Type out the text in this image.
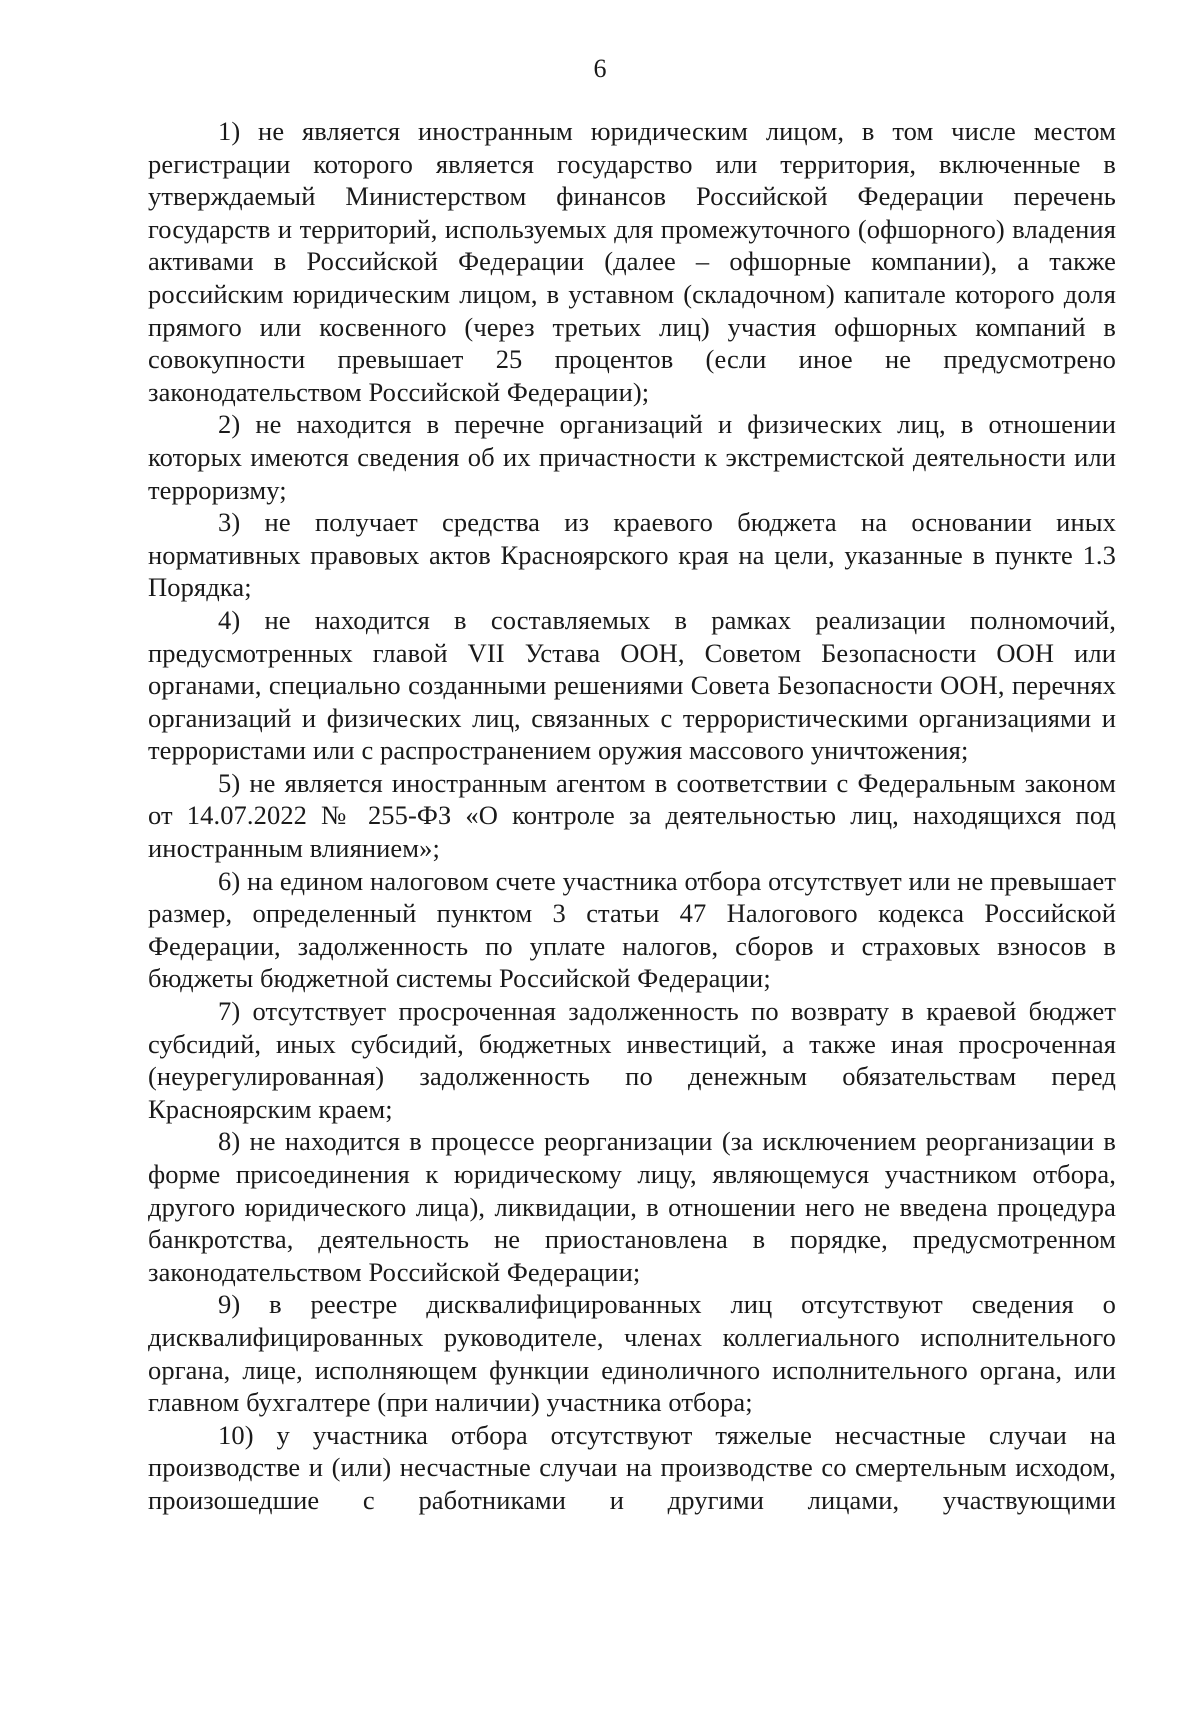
6

1) не является иностранным юридическим лицом, в том числе местом регистрации которого является государство или территория, включенные в утверждаемый Министерством финансов Российской Федерации перечень государств и территорий, используемых для промежуточного (офшорного) владения активами в Российской Федерации (далее – офшорные компании), а также российским юридическим лицом, в уставном (складочном) капитале которого доля прямого или косвенного (через третьих лиц) участия офшорных компаний в совокупности превышает 25 процентов (если иное не предусмотрено законодательством Российской Федерации);

2) не находится в перечне организаций и физических лиц, в отношении которых имеются сведения об их причастности к экстремистской деятельности или терроризму;

3) не получает средства из краевого бюджета на основании иных нормативных правовых актов Красноярского края на цели, указанные в пункте 1.3 Порядка;

4) не находится в составляемых в рамках реализации полномочий, предусмотренных главой VII Устава ООН, Советом Безопасности ООН или органами, специально созданными решениями Совета Безопасности ООН, перечнях организаций и физических лиц, связанных с террористическими организациями и террористами или с распространением оружия массового уничтожения;

5) не является иностранным агентом в соответствии с Федеральным законом от 14.07.2022 № 255-ФЗ «О контроле за деятельностью лиц, находящихся под иностранным влиянием»;

6) на едином налоговом счете участника отбора отсутствует или не превышает размер, определенный пунктом 3 статьи 47 Налогового кодекса Российской Федерации, задолженность по уплате налогов, сборов и страховых взносов в бюджеты бюджетной системы Российской Федерации;

7) отсутствует просроченная задолженность по возврату в краевой бюджет субсидий, иных субсидий, бюджетных инвестиций, а также иная просроченная (неурегулированная) задолженность по денежным обязательствам перед Красноярским краем;

8) не находится в процессе реорганизации (за исключением реорганизации в форме присоединения к юридическому лицу, являющемуся участником отбора, другого юридического лица), ликвидации, в отношении него не введена процедура банкротства, деятельность не приостановлена в порядке, предусмотренном законодательством Российской Федерации;

9) в реестре дисквалифицированных лиц отсутствуют сведения о дисквалифицированных руководителе, членах коллегиального исполнительного органа, лице, исполняющем функции единоличного исполнительного органа, или главном бухгалтере (при наличии) участника отбора;

10) у участника отбора отсутствуют тяжелые несчастные случаи на производстве и (или) несчастные случаи на производстве со смертельным исходом, произошедшие с работниками и другими лицами, участвующими
